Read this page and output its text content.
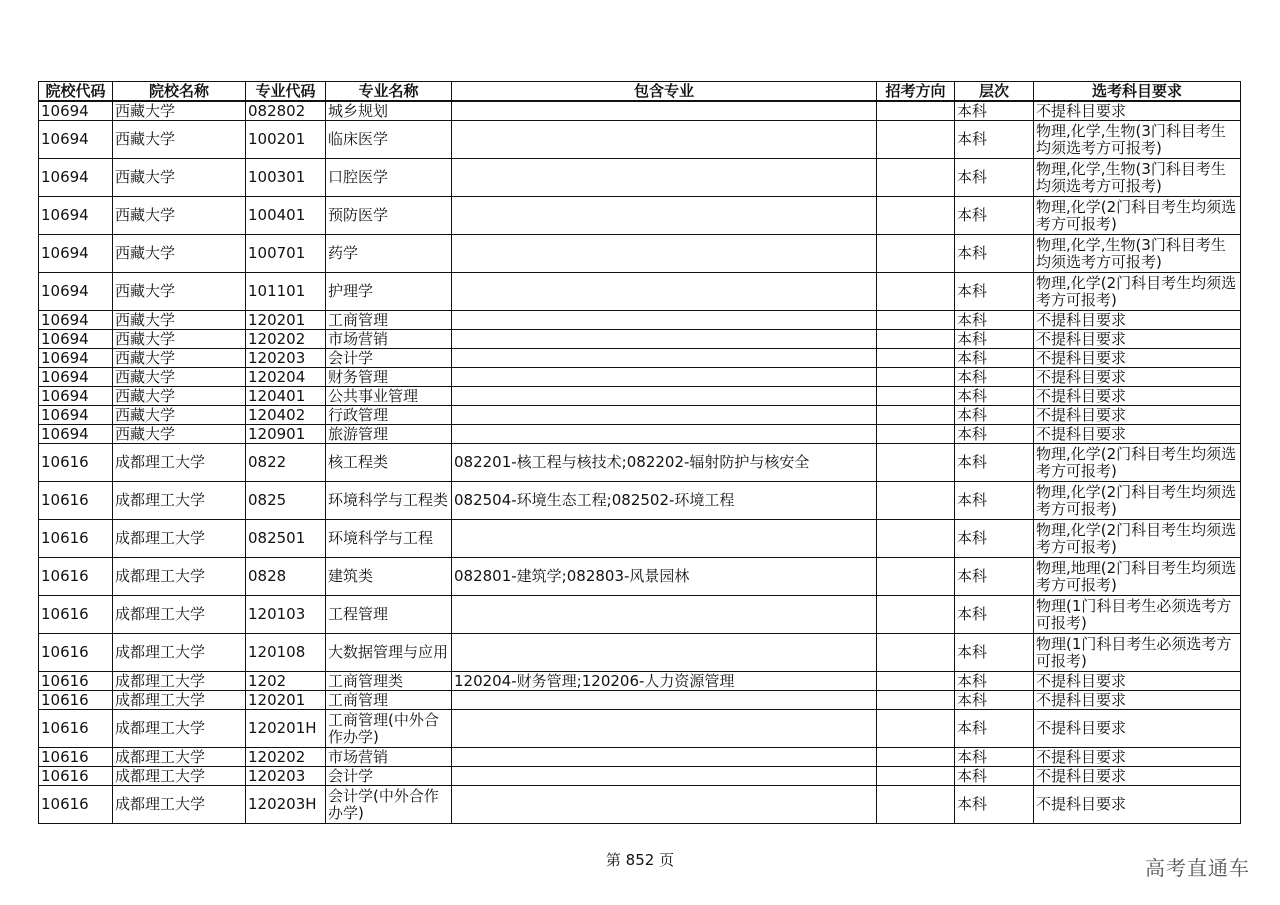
院校代码	院校名称	专业代码	专业名称	包含专业	招考方向	层次	选考科目要求
10694	西藏大学	082802	城乡规划			本科	不提科目要求
10694	西藏大学	100201	临床医学			本科	物理,化学,生物(3门科目考生均须选考方可报考)
10694	西藏大学	100301	口腔医学			本科	物理,化学,生物(3门科目考生均须选考方可报考)
10694	西藏大学	100401	预防医学			本科	物理,化学(2门科目考生均须选考方可报考)
10694	西藏大学	100701	药学			本科	物理,化学,生物(3门科目考生均须选考方可报考)
10694	西藏大学	101101	护理学			本科	物理,化学(2门科目考生均须选考方可报考)
10694	西藏大学	120201	工商管理			本科	不提科目要求
10694	西藏大学	120202	市场营销			本科	不提科目要求
10694	西藏大学	120203	会计学			本科	不提科目要求
10694	西藏大学	120204	财务管理			本科	不提科目要求
10694	西藏大学	120401	公共事业管理			本科	不提科目要求
10694	西藏大学	120402	行政管理			本科	不提科目要求
10694	西藏大学	120901	旅游管理			本科	不提科目要求
10616	成都理工大学	0822	核工程类	082201-核工程与核技术;082202-辐射防护与核安全		本科	物理,化学(2门科目考生均须选考方可报考)
10616	成都理工大学	0825	环境科学与工程类	082504-环境生态工程;082502-环境工程		本科	物理,化学(2门科目考生均须选考方可报考)
10616	成都理工大学	082501	环境科学与工程			本科	物理,化学(2门科目考生均须选考方可报考)
10616	成都理工大学	0828	建筑类	082801-建筑学;082803-风景园林		本科	物理,地理(2门科目考生均须选考方可报考)
10616	成都理工大学	120103	工程管理			本科	物理(1门科目考生必须选考方可报考)
10616	成都理工大学	120108	大数据管理与应用			本科	物理(1门科目考生必须选考方可报考)
10616	成都理工大学	1202	工商管理类	120204-财务管理;120206-人力资源管理		本科	不提科目要求
10616	成都理工大学	120201	工商管理			本科	不提科目要求
10616	成都理工大学	120201H	工商管理(中外合作办学)			本科	不提科目要求
10616	成都理工大学	120202	市场营销			本科	不提科目要求
10616	成都理工大学	120203	会计学			本科	不提科目要求
10616	成都理工大学	120203H	会计学(中外合作办学)			本科	不提科目要求
第 852 页	高考直通车
